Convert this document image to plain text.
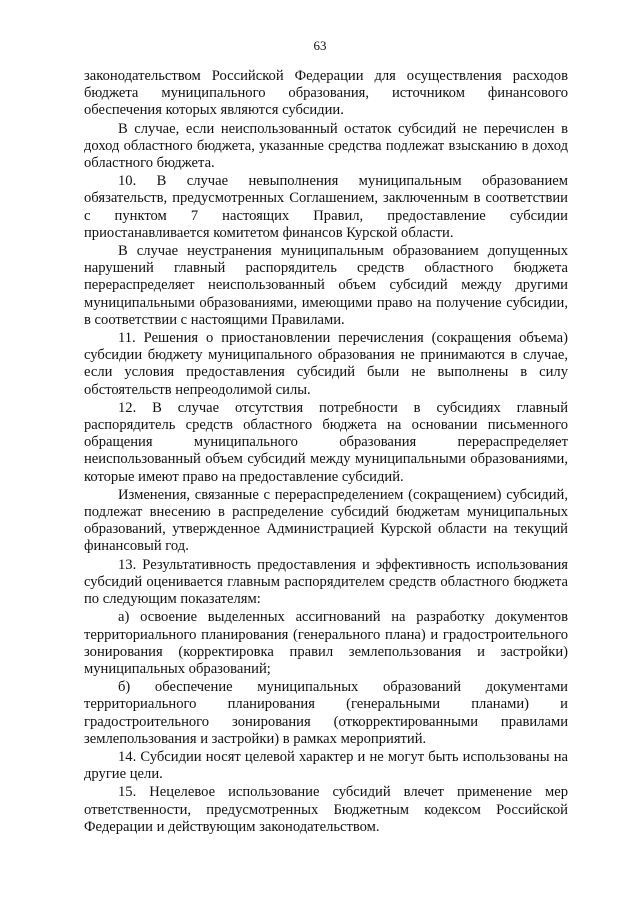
63

законодательством Российской Федерации для осуществления расходов бюджета муниципального образования, источником финансового обеспечения которых являются субсидии.

В случае, если неиспользованный остаток субсидий не перечислен в доход областного бюджета, указанные средства подлежат взысканию в доход областного бюджета.

10. В случае невыполнения муниципальным образованием обязательств, предусмотренных Соглашением, заключенным в соответствии с пунктом 7 настоящих Правил, предоставление субсидии приостанавливается комитетом финансов Курской области.

В случае неустранения муниципальным образованием допущенных нарушений главный распорядитель средств областного бюджета перераспределяет неиспользованный объем субсидий между другими муниципальными образованиями, имеющими право на получение субсидии, в соответствии с настоящими Правилами.

11. Решения о приостановлении перечисления (сокращения объема) субсидии бюджету муниципального образования не принимаются в случае, если условия предоставления субсидий были не выполнены в силу обстоятельств непреодолимой силы.

12. В случае отсутствия потребности в субсидиях главный распорядитель средств областного бюджета на основании письменного обращения муниципального образования перераспределяет неиспользованный объем субсидий между муниципальными образованиями, которые имеют право на предоставление субсидий.

Изменения, связанные с перераспределением (сокращением) субсидий, подлежат внесению в распределение субсидий бюджетам муниципальных образований, утвержденное Администрацией Курской области на текущий финансовый год.

13. Результативность предоставления и эффективность использования субсидий оценивается главным распорядителем средств областного бюджета по следующим показателям:

а) освоение выделенных ассигнований на разработку документов территориального планирования (генерального плана) и градостроительного зонирования (корректировка правил землепользования и застройки) муниципальных образований;

б) обеспечение муниципальных образований документами территориального планирования (генеральными планами) и градостроительного зонирования (откорректированными правилами землепользования и застройки) в рамках мероприятий.

14. Субсидии носят целевой характер и не могут быть использованы на другие цели.

15. Нецелевое использование субсидий влечет применение мер ответственности, предусмотренных Бюджетным кодексом Российской Федерации и действующим законодательством.
